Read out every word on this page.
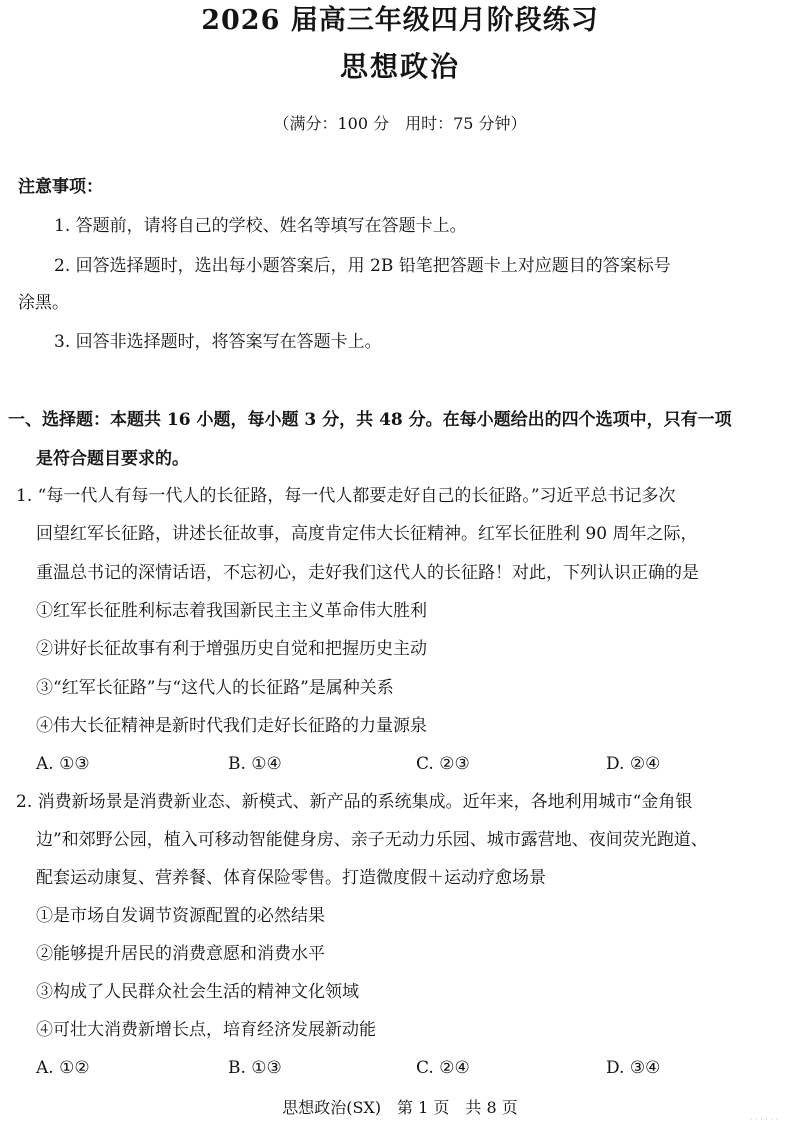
2026 届高三年级四月阶段练习
思想政治
（满分：100 分　用时：75 分钟）
注意事项：
1. 答题前，请将自己的学校、姓名等填写在答题卡上。
2. 回答选择题时，选出每小题答案后，用 2B 铅笔把答题卡上对应题目的答案标号
涂黑。
3. 回答非选择题时，将答案写在答题卡上。
一、选择题：本题共 16 小题，每小题 3 分，共 48 分。在每小题给出的四个选项中，只有一项
是符合题目要求的。
1. “每一代人有每一代人的长征路，每一代人都要走好自己的长征路。”习近平总书记多次
回望红军长征路，讲述长征故事，高度肯定伟大长征精神。红军长征胜利 90 周年之际，
重温总书记的深情话语，不忘初心，走好我们这代人的长征路！对此，下列认识正确的是
①红军长征胜利标志着我国新民主主义革命伟大胜利
②讲好长征故事有利于增强历史自觉和把握历史主动
③“红军长征路”与“这代人的长征路”是属种关系
④伟大长征精神是新时代我们走好长征路的力量源泉
A. ①③	B. ①④	C. ②③	D. ②④
2. 消费新场景是消费新业态、新模式、新产品的系统集成。近年来，各地利用城市“金角银
边”和郊野公园，植入可移动智能健身房、亲子无动力乐园、城市露营地、夜间荧光跑道、
配套运动康复、营养餐、体育保险零售。打造微度假＋运动疗愈场景
①是市场自发调节资源配置的必然结果
②能够提升居民的消费意愿和消费水平
③构成了人民群众社会生活的精神文化领域
④可壮大消费新增长点，培育经济发展新动能
A. ①②	B. ①③	C. ②④	D. ③④
思想政治(SX)　第 1 页　共 8 页
· · · · · ·
